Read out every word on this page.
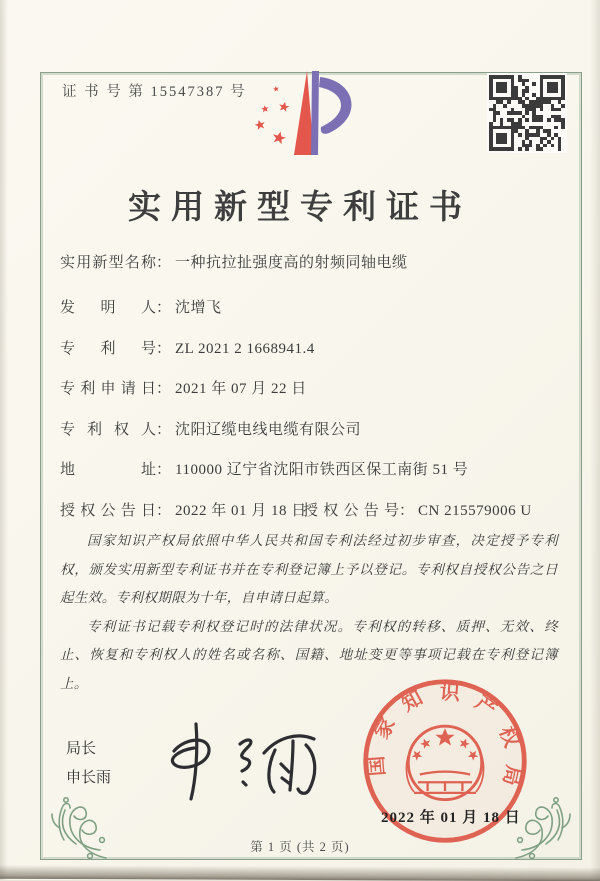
证 书 号 第 15547387 号
实用新型专利证书
实用新型名称： 一种抗拉扯强度高的射频同轴电缆
发明人： 沈增飞
专利号： ZL 2021 2 1668941.4
专利申请日： 2021 年 07 月 22 日
专利权人： 沈阳辽缆电线电缆有限公司
地址： 110000 辽宁省沈阳市铁西区保工南街 51 号
授权公告日： 2022 年 01 月 18 日
授权公告号： CN 215579006 U

国家知识产权局依照中华人民共和国专利法经过初步审查，决定授予专利权，颁发实用新型专利证书并在专利登记簿上予以登记。专利权自授权公告之日起生效。专利权期限为十年，自申请日起算。

专利证书记载专利权登记时的法律状况。专利权的转移、质押、无效、终止、恢复和专利权人的姓名或名称、国籍、地址变更等事项记载在专利登记簿上。

局长
申长雨
国家知识产权局
2022 年 01 月 18 日
第 1 页 (共 2 页)
